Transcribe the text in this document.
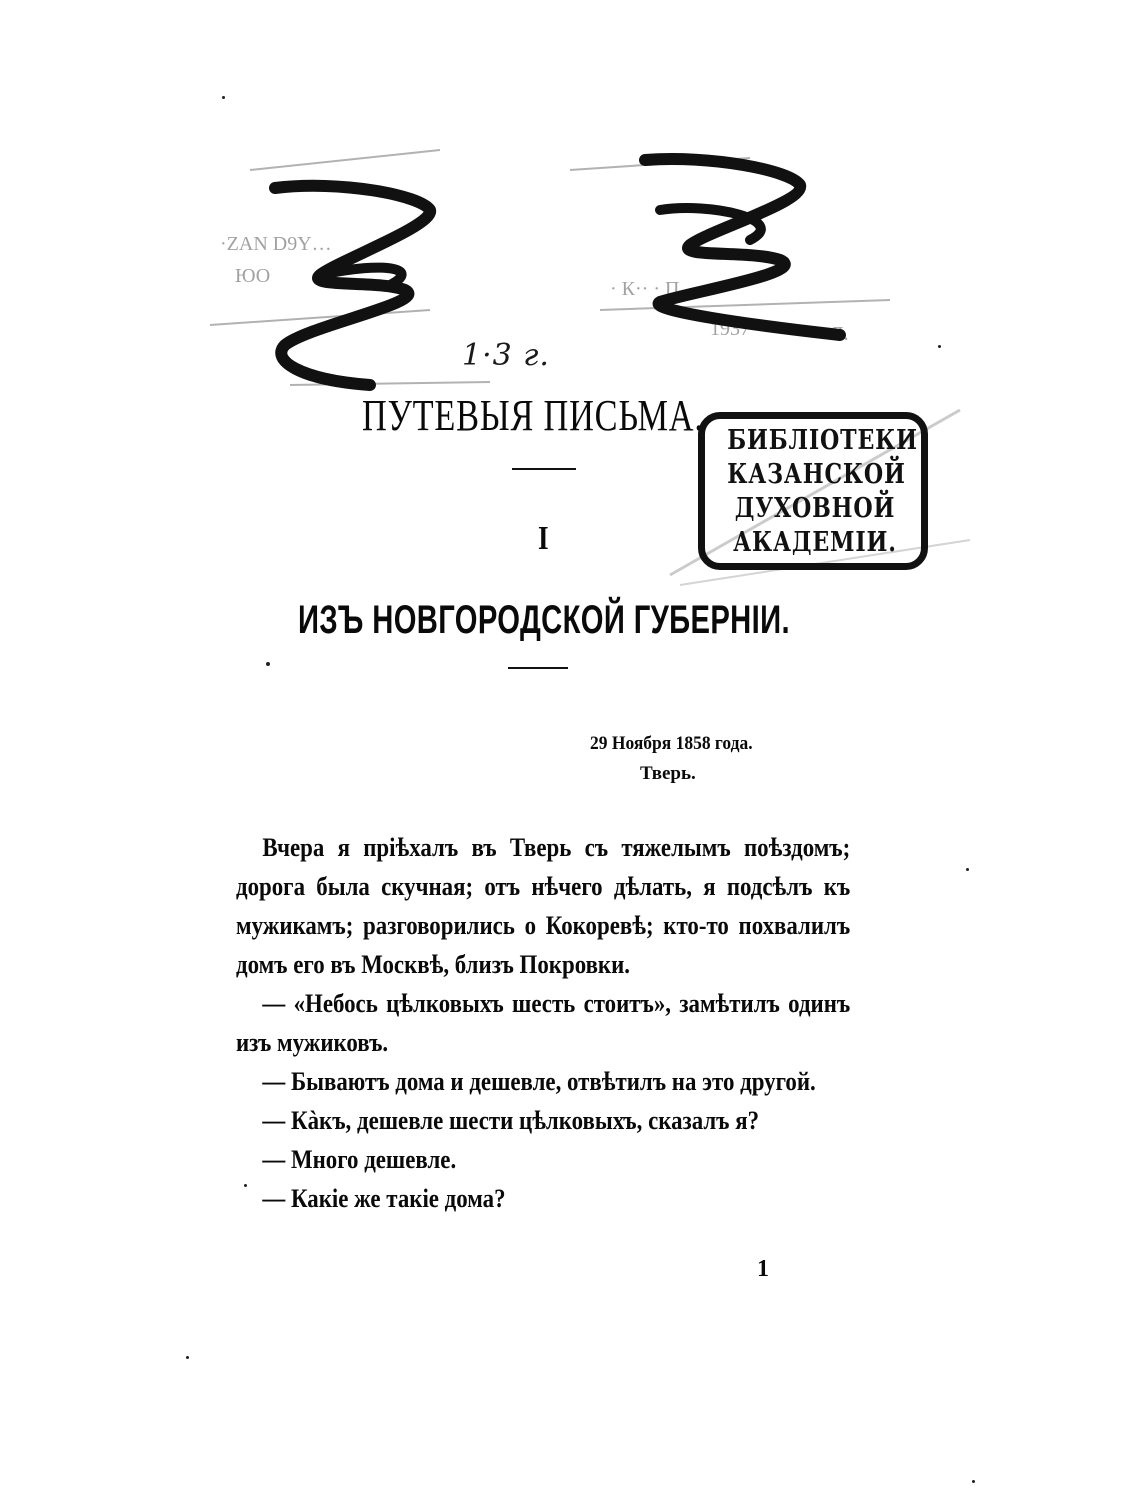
·ZAN D9Y…
ЮО
· К·· · П
1937	Л.
1·3 г.
ПУТЕВЫЯ ПИСЬМА.
БИБЛІОТЕКИ
КАЗАНСКОЙ
ДУХОВНОЙ
АКАДЕМІИ.
I
ИЗЪ НОВГОРОДСКОЙ ГУБЕРНІИ.
29 Ноября 1858 года.
Тверь.

Вчера я пріѣхалъ въ Тверь съ тяжелымъ поѣздомъ; дорога была скучная; отъ нѣчего дѣлать, я подсѣлъ къ мужикамъ; разговорились о Кокоревѣ; кто-то похвалилъ домъ его въ Москвѣ, близъ Покровки.

— «Небось цѣлковыхъ шесть стоитъ», замѣтилъ одинъ изъ мужиковъ.

— Бываютъ дома и дешевле, отвѣтилъ на это другой.

— Кàкъ, дешевле шести цѣлковыхъ, сказалъ я?

— Много дешевле.

— Какіе же такіе дома?

1
